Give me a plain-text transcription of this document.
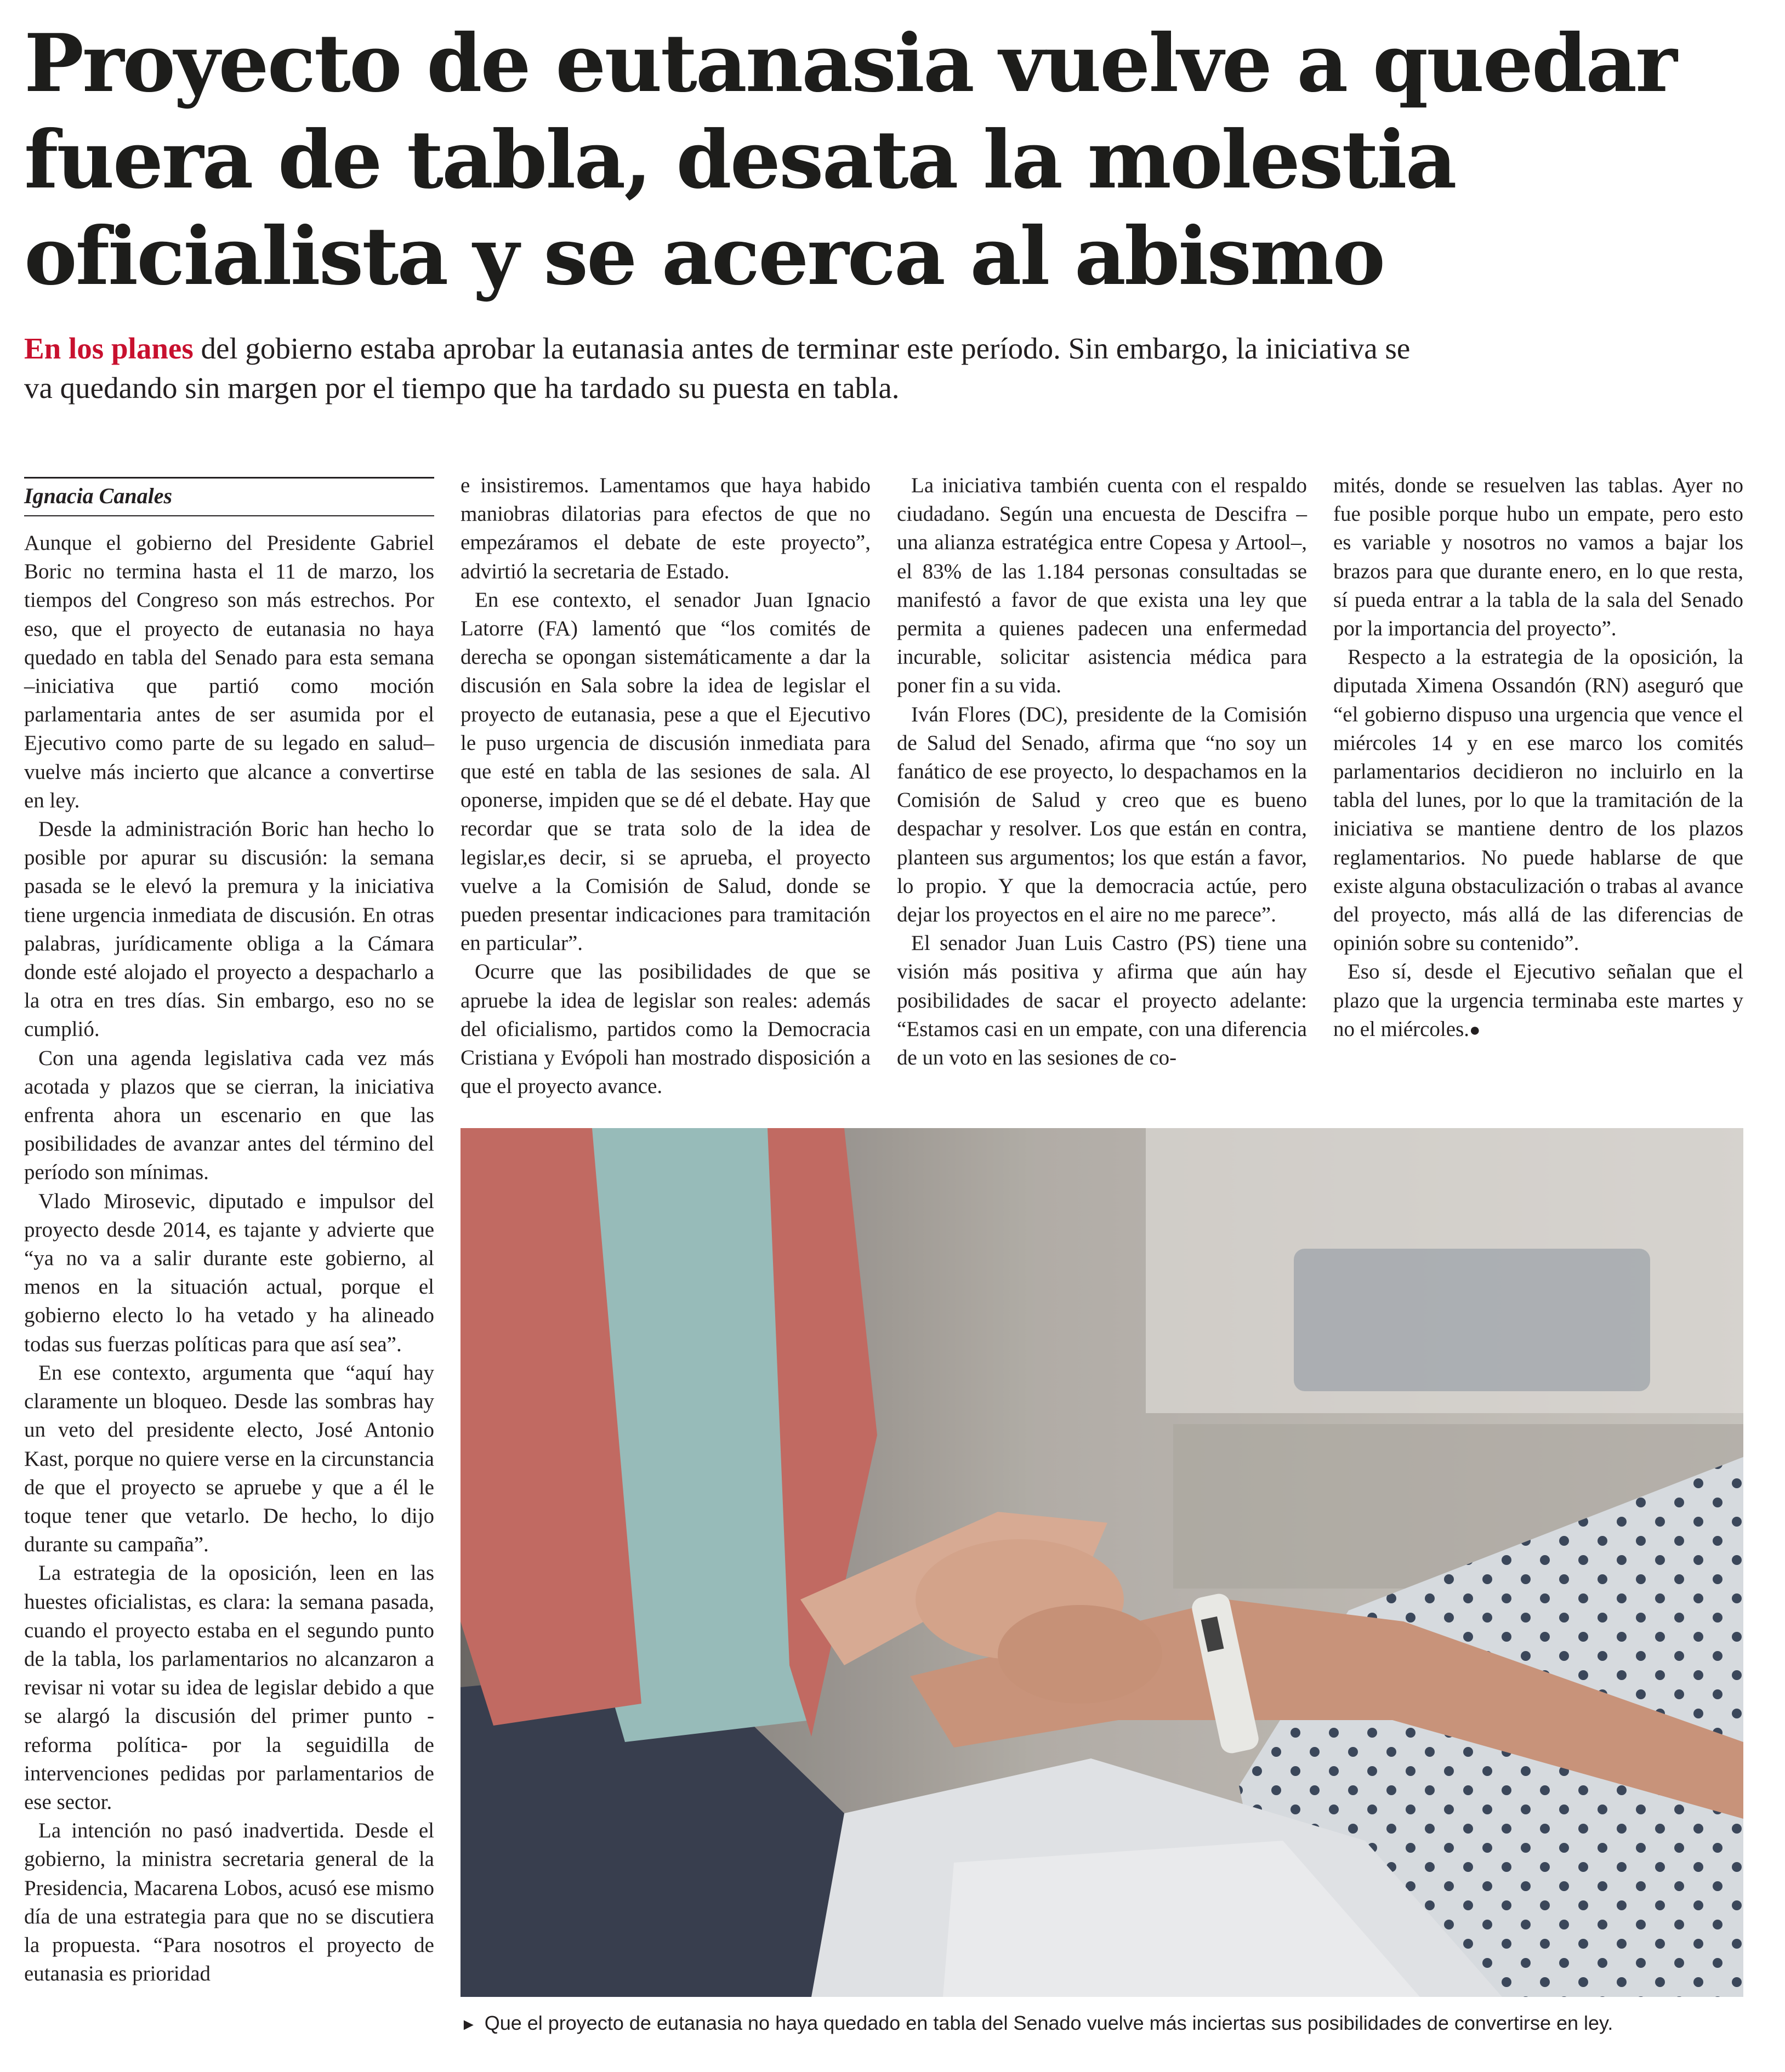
Proyecto de eutanasia vuelve a quedar fuera de tabla, desata la molestia oficialista y se acerca al abismo
En los planes del gobierno estaba aprobar la eutanasia antes de terminar este período. Sin embargo, la iniciativa se va quedando sin margen por el tiempo que ha tardado su puesta en tabla.
Ignacia Canales

Aunque el gobierno del Presidente Gabriel Boric no termina hasta el 11 de marzo, los tiempos del Congreso son más estrechos. Por eso, que el proyecto de eutanasia no haya quedado en tabla del Senado para esta semana –iniciativa que partió como moción parlamentaria antes de ser asumida por el Ejecutivo como parte de su legado en salud– vuelve más incierto que alcance a convertirse en ley.

Desde la administración Boric han hecho lo posible por apurar su discusión: la semana pasada se le elevó la premura y la iniciativa tiene urgencia inmediata de discusión. En otras palabras, jurídicamente obliga a la Cámara donde esté alojado el proyecto a despacharlo a la otra en tres días. Sin embargo, eso no se cumplió.

Con una agenda legislativa cada vez más acotada y plazos que se cierran, la iniciativa enfrenta ahora un escenario en que las posibilidades de avanzar antes del término del período son mínimas.

Vlado Mirosevic, diputado e impulsor del proyecto desde 2014, es tajante y advierte que “ya no va a salir durante este gobierno, al menos en la situación actual, porque el gobierno electo lo ha vetado y ha alineado todas sus fuerzas políticas para que así sea”.

En ese contexto, argumenta que “aquí hay claramente un bloqueo. Desde las sombras hay un veto del presidente electo, José Antonio Kast, porque no quiere verse en la circunstancia de que el proyecto se apruebe y que a él le toque tener que vetarlo. De hecho, lo dijo durante su campaña”.

La estrategia de la oposición, leen en las huestes oficialistas, es clara: la semana pasada, cuando el proyecto estaba en el segundo punto de la tabla, los parlamentarios no alcanzaron a revisar ni votar su idea de legislar debido a que se alargó la discusión del primer punto -reforma política- por la seguidilla de intervenciones pedidas por parlamentarios de ese sector.

La intención no pasó inadvertida. Desde el gobierno, la ministra secretaria general de la Presidencia, Macarena Lobos, acusó ese mismo día de una estrategia para que no se discutiera la propuesta. “Para nosotros el proyecto de eutanasia es prioridad

e insistiremos. Lamentamos que haya habido maniobras dilatorias para efectos de que no empezáramos el debate de este proyecto”, advirtió la secretaria de Estado.

En ese contexto, el senador Juan Ignacio Latorre (FA) lamentó que “los comités de derecha se opongan sistemáticamente a dar la discusión en Sala sobre la idea de legislar el proyecto de eutanasia, pese a que el Ejecutivo le puso urgencia de discusión inmediata para que esté en tabla de las sesiones de sala. Al oponerse, impiden que se dé el debate. Hay que recordar que se trata solo de la idea de legislar,es decir, si se aprueba, el proyecto vuelve a la Comisión de Salud, donde se pueden presentar indicaciones para tramitación en particular”.

Ocurre que las posibilidades de que se apruebe la idea de legislar son reales: además del oficialismo, partidos como la Democracia Cristiana y Evópoli han mostrado disposición a que el proyecto avance.

La iniciativa también cuenta con el respaldo ciudadano. Según una encuesta de Descifra –una alianza estratégica entre Copesa y Artool–, el 83% de las 1.184 personas consultadas se manifestó a favor de que exista una ley que permita a quienes padecen una enfermedad incurable, solicitar asistencia médica para poner fin a su vida.

Iván Flores (DC), presidente de la Comisión de Salud del Senado, afirma que “no soy un fanático de ese proyecto, lo despachamos en la Comisión de Salud y creo que es bueno despachar y resolver. Los que están en contra, planteen sus argumentos; los que están a favor, lo propio. Y que la democracia actúe, pero dejar los proyectos en el aire no me parece”.

El senador Juan Luis Castro (PS) tiene una visión más positiva y afirma que aún hay posibilidades de sacar el proyecto adelante: “Estamos casi en un empate, con una diferencia de un voto en las sesiones de co-

mités, donde se resuelven las tablas. Ayer no fue posible porque hubo un empate, pero esto es variable y nosotros no vamos a bajar los brazos para que durante enero, en lo que resta, sí pueda entrar a la tabla de la sala del Senado por la importancia del proyecto”.

Respecto a la estrategia de la oposición, la diputada Ximena Ossandón (RN) aseguró que “el gobierno dispuso una urgencia que vence el miércoles 14 y en ese marco los comités parlamentarios decidieron no incluirlo en la tabla del lunes, por lo que la tramitación de la iniciativa se mantiene dentro de los plazos reglamentarios. No puede hablarse de que existe alguna obstaculización o trabas al avance del proyecto, más allá de las diferencias de opinión sobre su contenido”.

Eso sí, desde el Ejecutivo señalan que el plazo que la urgencia terminaba este martes y no el miércoles.●

► Que el proyecto de eutanasia no haya quedado en tabla del Senado vuelve más inciertas sus posibilidades de convertirse en ley.
